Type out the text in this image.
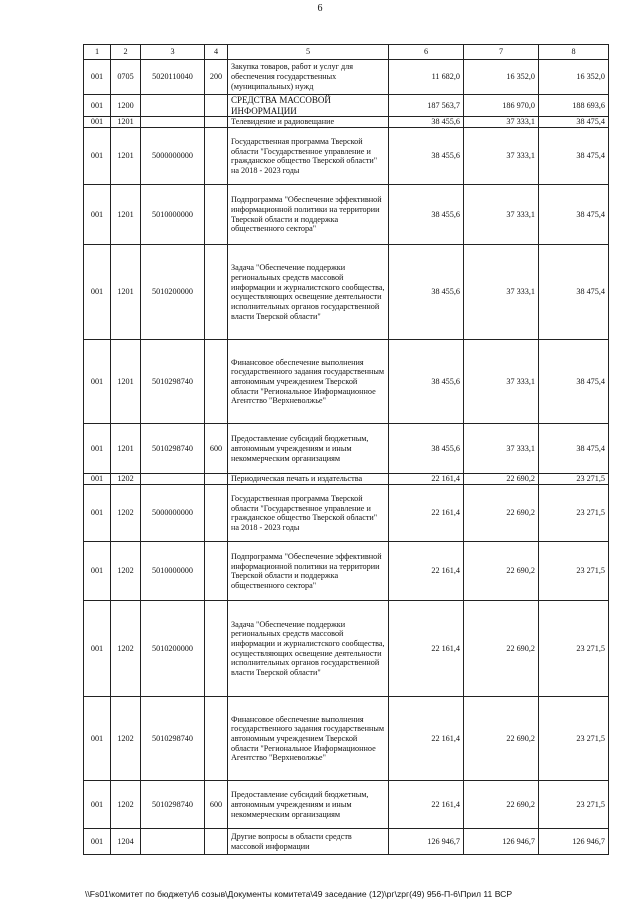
6
1	2	3	4	5	6	7	8
001	0705	5020110040	200	Закупка товаров, работ и услуг для обеспечения государственных (муниципальных) нужд	11 682,0	16 352,0	16 352,0
001	1200			СРЕДСТВА МАССОВОЙ ИНФОРМАЦИИ	187 563,7	186 970,0	188 693,6
001	1201			Телевидение и радиовещание	38 455,6	37 333,1	38 475,4
001	1201	5000000000		Государственная программа Тверской области "Государственное управление и гражданское общество Тверской области" на 2018 - 2023 годы	38 455,6	37 333,1	38 475,4
001	1201	5010000000		Подпрограмма "Обеспечение эффективной информационной политики на территории Тверской области и поддержка общественного сектора"	38 455,6	37 333,1	38 475,4
001	1201	5010200000		Задача "Обеспечение поддержки региональных средств массовой информации и журналистского сообщества, осуществляющих освещение деятельности исполнительных органов государственной власти Тверской области"	38 455,6	37 333,1	38 475,4
001	1201	5010298740		Финансовое обеспечение выполнения государственного задания государственным автономным учреждением Тверской области "Региональное Информационное Агентство "Верхневолжье"	38 455,6	37 333,1	38 475,4
001	1201	5010298740	600	Предоставление субсидий бюджетным, автономным учреждениям и иным некоммерческим организациям	38 455,6	37 333,1	38 475,4
001	1202			Периодическая печать и издательства	22 161,4	22 690,2	23 271,5
001	1202	5000000000		Государственная программа Тверской области "Государственное управление и гражданское общество Тверской области" на 2018 - 2023 годы	22 161,4	22 690,2	23 271,5
001	1202	5010000000		Подпрограмма "Обеспечение эффективной информационной политики на территории Тверской области и поддержка общественного сектора"	22 161,4	22 690,2	23 271,5
001	1202	5010200000		Задача "Обеспечение поддержки региональных средств массовой информации и журналистского сообщества, осуществляющих освещение деятельности исполнительных органов государственной власти Тверской области"	22 161,4	22 690,2	23 271,5
001	1202	5010298740		Финансовое обеспечение выполнения государственного задания государственным автономным учреждением Тверской области "Региональное Информационное Агентство "Верхневолжье"	22 161,4	22 690,2	23 271,5
001	1202	5010298740	600	Предоставление субсидий бюджетным, автономным учреждениям и иным некоммерческим организациям	22 161,4	22 690,2	23 271,5
001	1204			Другие вопросы в области средств массовой информации	126 946,7	126 946,7	126 946,7
\\Fs01\комитет по бюджету\6 созыв\Документы комитета\49 заседание (12)\рг\zрг(49) 956-П-6\Прил 11 ВСР
